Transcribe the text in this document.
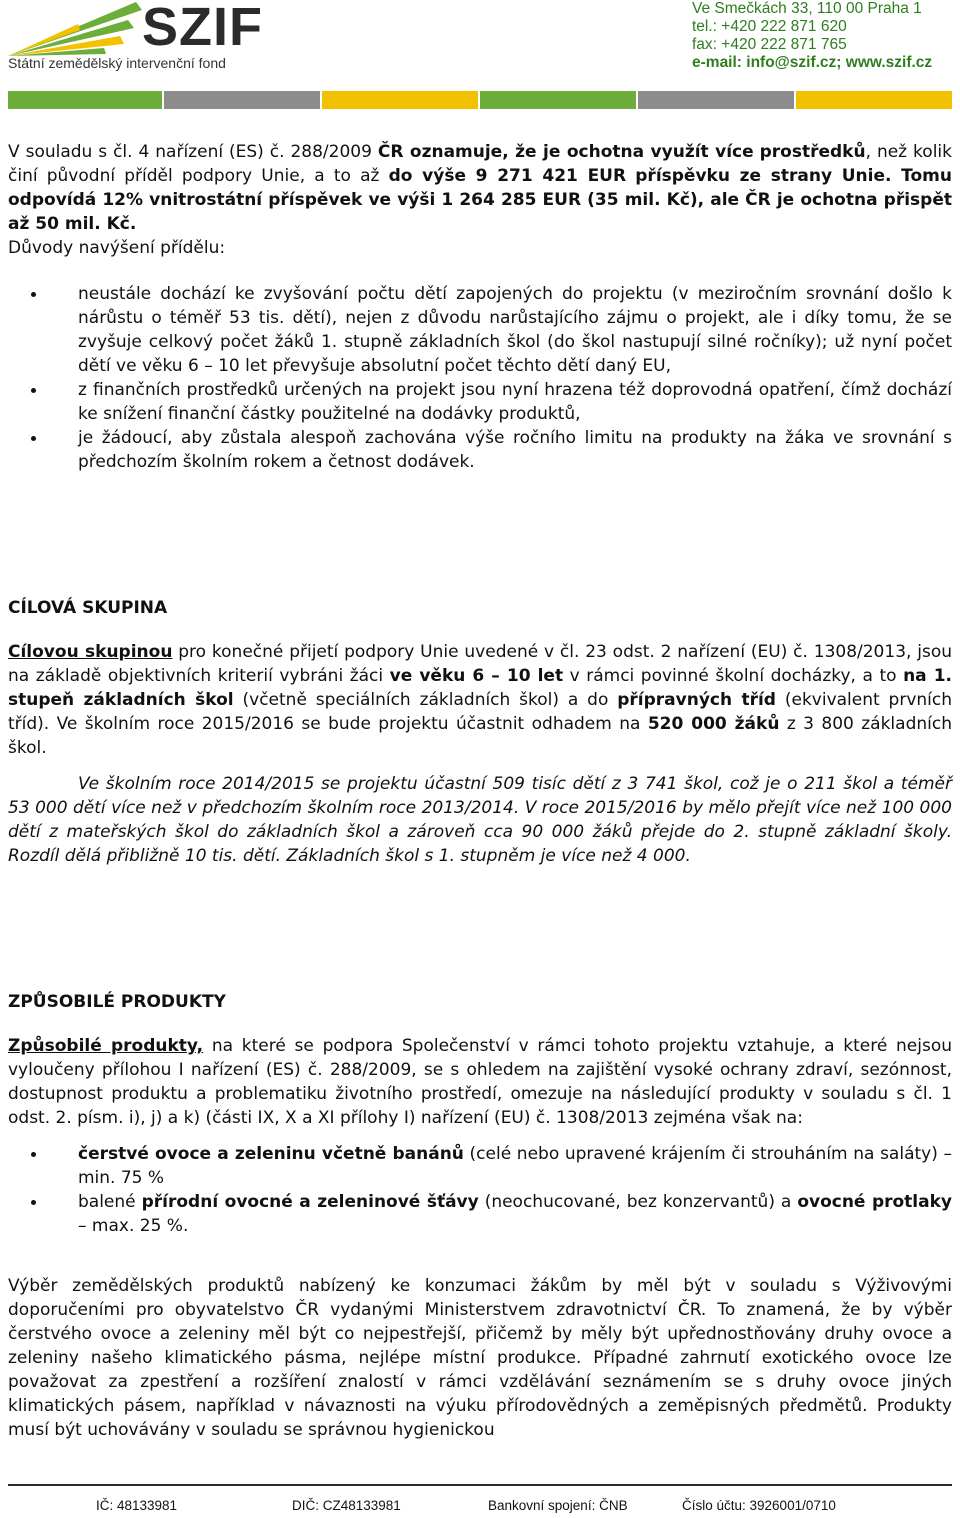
SZIF
Státní zemědělský intervenční fond
Ve Smečkách 33, 110 00 Praha 1
tel.: +420 222 871 620
fax: +420 222 871 765
e-mail: info@szif.cz; www.szif.cz

V souladu s čl. 4 nařízení (ES) č. 288/2009 ČR oznamuje, že je ochotna využít více prostředků, než kolik činí původní příděl podpory Unie, a to až do výše 9 271 421 EUR příspěvku ze strany Unie. Tomu odpovídá 12% vnitrostátní příspěvek ve výši 1 264 285 EUR (35 mil. Kč), ale ČR je ochotna přispět až 50 mil. Kč.

Důvody navýšení přídělu:

neustále dochází ke zvyšování počtu dětí zapojených do projektu (v meziročním srovnání došlo k nárůstu o téměř 53 tis. dětí), nejen z důvodu narůstajícího zájmu o projekt, ale i díky tomu, že se zvyšuje celkový počet žáků 1. stupně základních škol (do škol nastupují silné ročníky); už nyní počet dětí ve věku 6 – 10 let převyšuje absolutní počet těchto dětí daný EU,
z finančních prostředků určených na projekt jsou nyní hrazena též doprovodná opatření, čímž dochází ke snížení finanční částky použitelné na dodávky produktů,
je žádoucí, aby zůstala alespoň zachována výše ročního limitu na produkty na žáka ve srovnání s předchozím školním rokem a četnost dodávek.
CÍLOVÁ SKUPINA

Cílovou skupinou pro konečné přijetí podpory Unie uvedené v čl. 23 odst. 2 nařízení (EU) č. 1308/2013, jsou na základě objektivních kriterií vybráni žáci ve věku 6 – 10 let v rámci povinné školní docházky, a to na 1. stupeň základních škol (včetně speciálních základních škol) a do přípravných tříd (ekvivalent prvních tříd). Ve školním roce 2015/2016 se bude projektu účastnit odhadem na 520 000 žáků z 3 800 základních škol.

Ve školním roce 2014/2015 se projektu účastní 509 tisíc dětí z 3 741 škol, což je o 211 škol a téměř 53 000 dětí více než v předchozím školním roce 2013/2014. V roce 2015/2016 by mělo přejít více než 100 000 dětí z mateřských škol do základních škol a zároveň cca 90 000 žáků přejde do 2. stupně základní školy. Rozdíl dělá přibližně 10 tis. dětí. Základních škol s 1. stupněm je více než 4 000.

ZPŮSOBILÉ PRODUKTY

Způsobilé produkty, na které se podpora Společenství v rámci tohoto projektu vztahuje, a které nejsou vyloučeny přílohou I nařízení (ES) č. 288/2009, se s ohledem na zajištění vysoké ochrany zdraví, sezónnost, dostupnost produktu a problematiku životního prostředí, omezuje na následující produkty v souladu s čl. 1 odst. 2. písm. i), j) a k) (části IX, X a XI přílohy I) nařízení (EU) č. 1308/2013 zejména však na:

čerstvé ovoce a zeleninu včetně banánů (celé nebo upravené krájením či strouháním na saláty) – min. 75 %
balené přírodní ovocné a zeleninové šťávy (neochucované, bez konzervantů) a ovocné protlaky – max. 25 %.

Výběr zemědělských produktů nabízený ke konzumaci žákům by měl být v souladu s Výživovými doporučeními pro obyvatelstvo ČR vydanými Ministerstvem zdravotnictví ČR. To znamená, že by výběr čerstvého ovoce a zeleniny měl být co nejpestřejší, přičemž by měly být upřednostňovány druhy ovoce a zeleniny našeho klimatického pásma, nejlépe místní produkce. Případné zahrnutí exotického ovoce lze považovat za zpestření a rozšíření znalostí v rámci vzdělávání seznámením se s druhy ovoce jiných klimatických pásem, například v návaznosti na výuku přírodovědných a zeměpisných předmětů. Produkty musí být uchovávány v souladu se správnou hygienickou

IČ: 48133981	DIČ: CZ48133981	Bankovní spojení: ČNB	Číslo účtu: 3926001/0710
